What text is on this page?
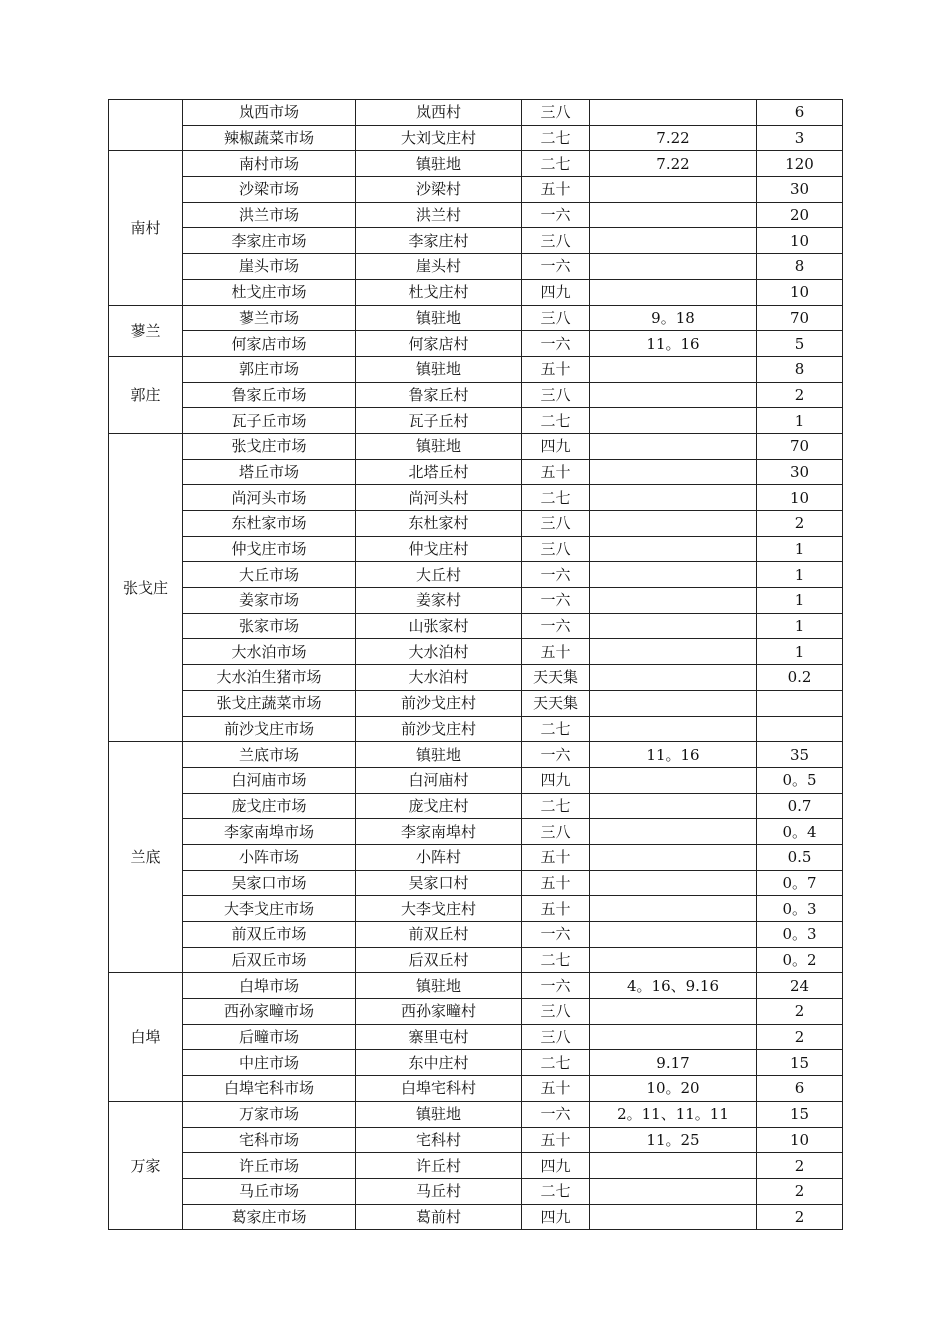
	岚西市场	岚西村	三八		6
	辣椒蔬菜市场	大刘戈庄村	二七	7.22	3
南村	南村市场	镇驻地	二七	7.22	120
	沙梁市场	沙梁村	五十		30
	洪兰市场	洪兰村	一六		20
	李家庄市场	李家庄村	三八		10
	崖头市场	崖头村	一六		8
	杜戈庄市场	杜戈庄村	四九		10
蓼兰	蓼兰市场	镇驻地	三八	9。18	70
	何家店市场	何家店村	一六	11。16	5
郭庄	郭庄市场	镇驻地	五十		8
	鲁家丘市场	鲁家丘村	三八		2
	瓦子丘市场	瓦子丘村	二七		1
张戈庄	张戈庄市场	镇驻地	四九		70
	塔丘市场	北塔丘村	五十		30
	尚河头市场	尚河头村	二七		10
	东杜家市场	东杜家村	三八		2
	仲戈庄市场	仲戈庄村	三八		1
	大丘市场	大丘村	一六		1
	姜家市场	姜家村	一六		1
	张家市场	山张家村	一六		1
	大水泊市场	大水泊村	五十		1
	大水泊生猪市场	大水泊村	天天集		0.2
	张戈庄蔬菜市场	前沙戈庄村	天天集		
	前沙戈庄市场	前沙戈庄村	二七		
兰底	兰底市场	镇驻地	一六	11。16	35
	白河庙市场	白河庙村	四九		0。5
	庞戈庄市场	庞戈庄村	二七		0.7
	李家南埠市场	李家南埠村	三八		0。4
	小阵市场	小阵村	五十		0.5
	吴家口市场	吴家口村	五十		0。7
	大李戈庄市场	大李戈庄村	五十		0。3
	前双丘市场	前双丘村	一六		0。3
	后双丘市场	后双丘村	二七		0。2
白埠	白埠市场	镇驻地	一六	4。16、9.16	24
	西孙家疃市场	西孙家疃村	三八		2
	后疃市场	寨里屯村	三八		2
	中庄市场	东中庄村	二七	9.17	15
	白埠宅科市场	白埠宅科村	五十	10。20	6
万家	万家市场	镇驻地	一六	2。11、11。11	15
	宅科市场	宅科村	五十	11。25	10
	许丘市场	许丘村	四九		2
	马丘市场	马丘村	二七		2
	葛家庄市场	葛前村	四九		2
